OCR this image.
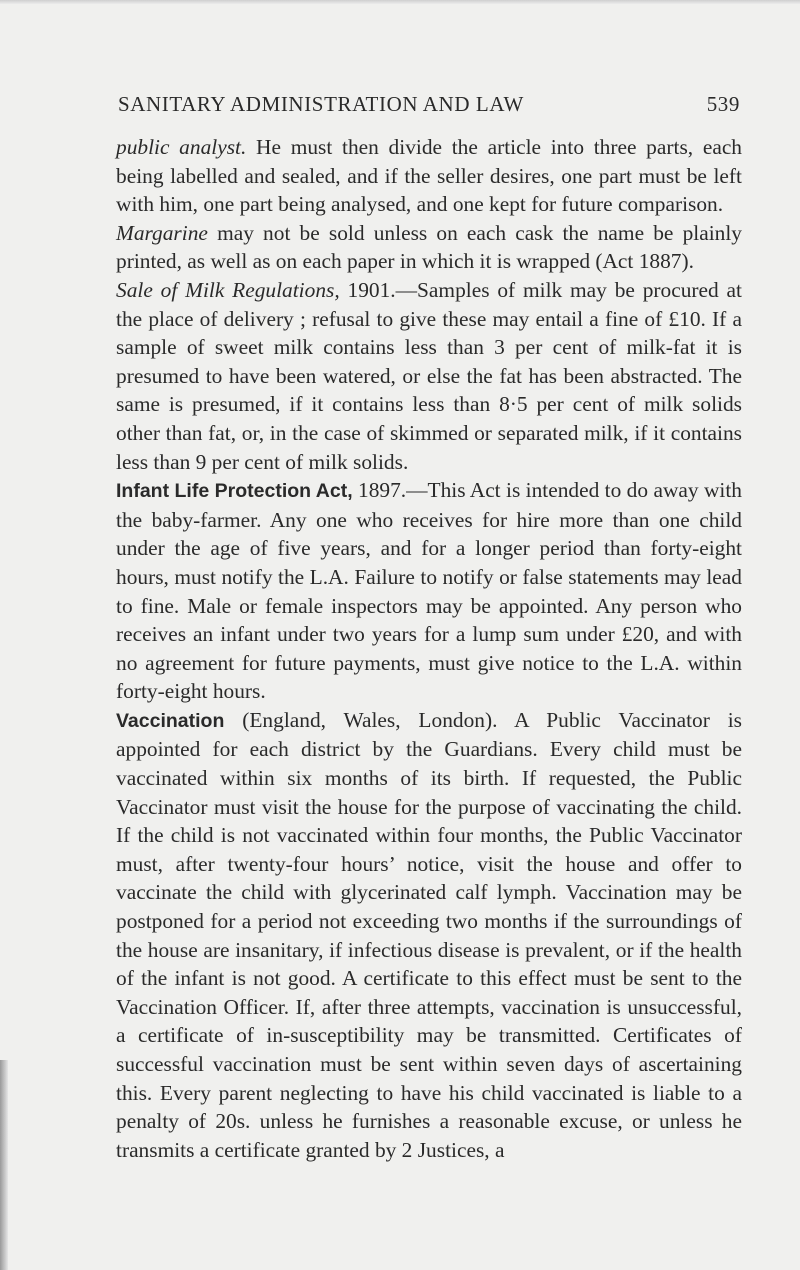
SANITARY ADMINISTRATION AND LAW	539

public analyst. He must then divide the article into three parts, each being labelled and sealed, and if the seller desires, one part must be left with him, one part being analysed, and one kept for future comparison.

Margarine may not be sold unless on each cask the name be plainly printed, as well as on each paper in which it is wrapped (Act 1887).

Sale of Milk Regulations, 1901.—Samples of milk may be procured at the place of delivery ; refusal to give these may entail a fine of £10. If a sample of sweet milk contains less than 3 per cent of milk-fat it is presumed to have been watered, or else the fat has been abstracted. The same is presumed, if it contains less than 8·5 per cent of milk solids other than fat, or, in the case of skimmed or separated milk, if it contains less than 9 per cent of milk solids.

Infant Life Protection Act, 1897.—This Act is intended to do away with the baby-farmer. Any one who receives for hire more than one child under the age of five years, and for a longer period than forty-eight hours, must notify the L.A. Failure to notify or false statements may lead to fine. Male or female inspectors may be appointed. Any person who receives an infant under two years for a lump sum under £20, and with no agreement for future payments, must give notice to the L.A. within forty-eight hours.

Vaccination (England, Wales, London). A Public Vaccinator is appointed for each district by the Guardians. Every child must be vaccinated within six months of its birth. If requested, the Public Vaccinator must visit the house for the purpose of vaccinating the child. If the child is not vaccinated within four months, the Public Vaccinator must, after twenty-four hours’ notice, visit the house and offer to vaccinate the child with glycerinated calf lymph. Vaccination may be postponed for a period not exceeding two months if the surroundings of the house are insanitary, if infectious disease is prevalent, or if the health of the infant is not good. A certificate to this effect must be sent to the Vaccination Officer. If, after three attempts, vaccination is unsuccessful, a certificate of in-susceptibility may be transmitted. Certificates of successful vaccination must be sent within seven days of ascertaining this. Every parent neglecting to have his child vaccinated is liable to a penalty of 20s. unless he furnishes a reasonable excuse, or unless he transmits a certificate granted by 2 Justices, a
